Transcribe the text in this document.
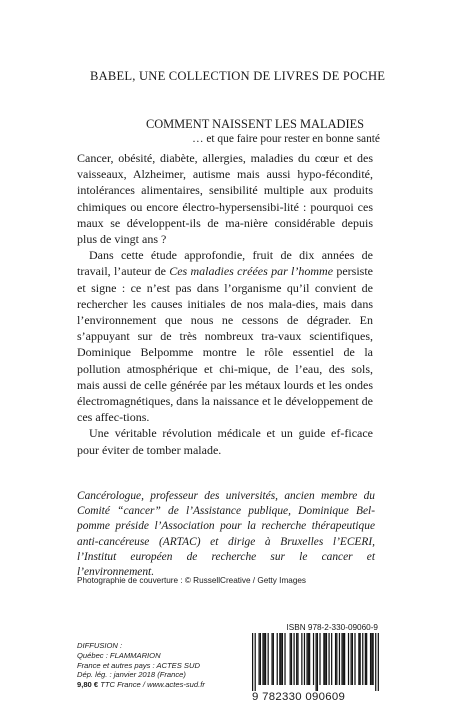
BABEL, UNE COLLECTION DE LIVRES DE POCHE
COMMENT NAISSENT LES MALADIES
… et que faire pour rester en bonne santé

Cancer, obésité, diabète, allergies, maladies du cœur et des vaisseaux, Alzheimer, autisme mais aussi hypo-fécondité, intolérances alimentaires, sensibilité multiple aux produits chimiques ou encore électro-hypersensibi-lité : pourquoi ces maux se développent-ils de ma-nière considérable depuis plus de vingt ans ?

Dans cette étude approfondie, fruit de dix années de travail, l’auteur de Ces maladies créées par l’homme persiste et signe : ce n’est pas dans l’organisme qu’il convient de rechercher les causes initiales de nos mala-dies, mais dans l’environnement que nous ne cessons de dégrader. En s’appuyant sur de très nombreux tra-vaux scientifiques, Dominique Belpomme montre le rôle essentiel de la pollution atmosphérique et chi-mique, de l’eau, des sols, mais aussi de celle générée par les métaux lourds et les ondes électromagnétiques, dans la naissance et le développement de ces affec-tions.

Une véritable révolution médicale et un guide ef-ficace pour éviter de tomber malade.

Cancérologue, professeur des universités, ancien membre du Comité “cancer” de l’Assistance publique, Dominique Bel-pomme préside l’Association pour la recherche thérapeutique anti-cancéreuse (ARTAC) et dirige à Bruxelles l’ECERI, l’Institut européen de recherche sur le cancer et l’environnement.
Photographie de couverture : © RussellCreative / Getty Images
ISBN 978-2-330-09060-9
DIFFUSION :
Québec : FLAMMARION
France et autres pays : ACTES SUD
Dép. lég. : janvier 2018 (France)
9,80 € TTC France / www.actes-sud.fr
9 782330 090609
